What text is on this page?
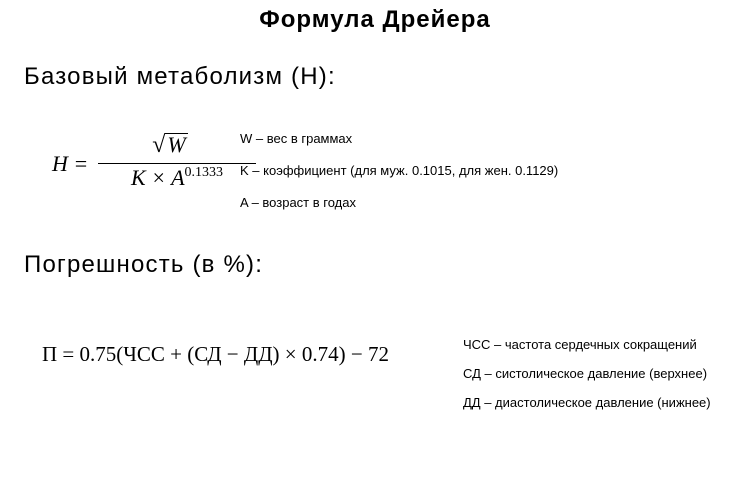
Формула Дрейера
Базовый метаболизм (Н):
H =
√W
$K \times A^{0.1333}$
W – вес в граммах
K – коэффициент (для муж. 0.1015, для жен. 0.1129)
A – возраст в годах
Погрешность (в %):
П = 0.75(ЧСС + (СД − ДД) × 0.74) − 72	ЧСС – частота сердечных сокращений
СД – систолическое давление (верхнее)
ДД – диастолическое давление (нижнее)
